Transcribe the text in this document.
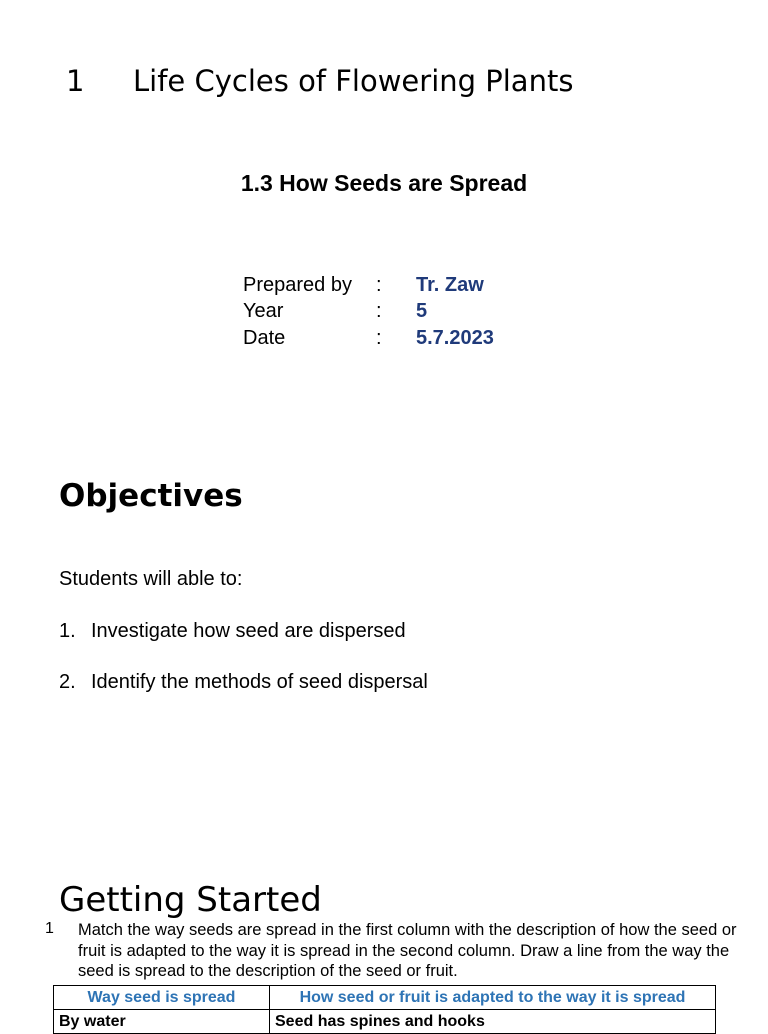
1 Life Cycles of Flowering Plants
1.3 How Seeds are Spread
Prepared by : Tr. Zaw
Year	: 5
Date	: 5.7.2023
Objectives
Students will able to:
1. Investigate how seed are dispersed
2. Identify the methods of seed dispersal
Getting Started
1 Match the way seeds are spread in the first column with the description of how the seed or fruit is adapted to the way it is spread in the second column. Draw a line from the way the seed is spread to the description of the seed or fruit.
Way seed is spread	How seed or fruit is adapted to the way it is spread
By water	Seed has spines and hooks
